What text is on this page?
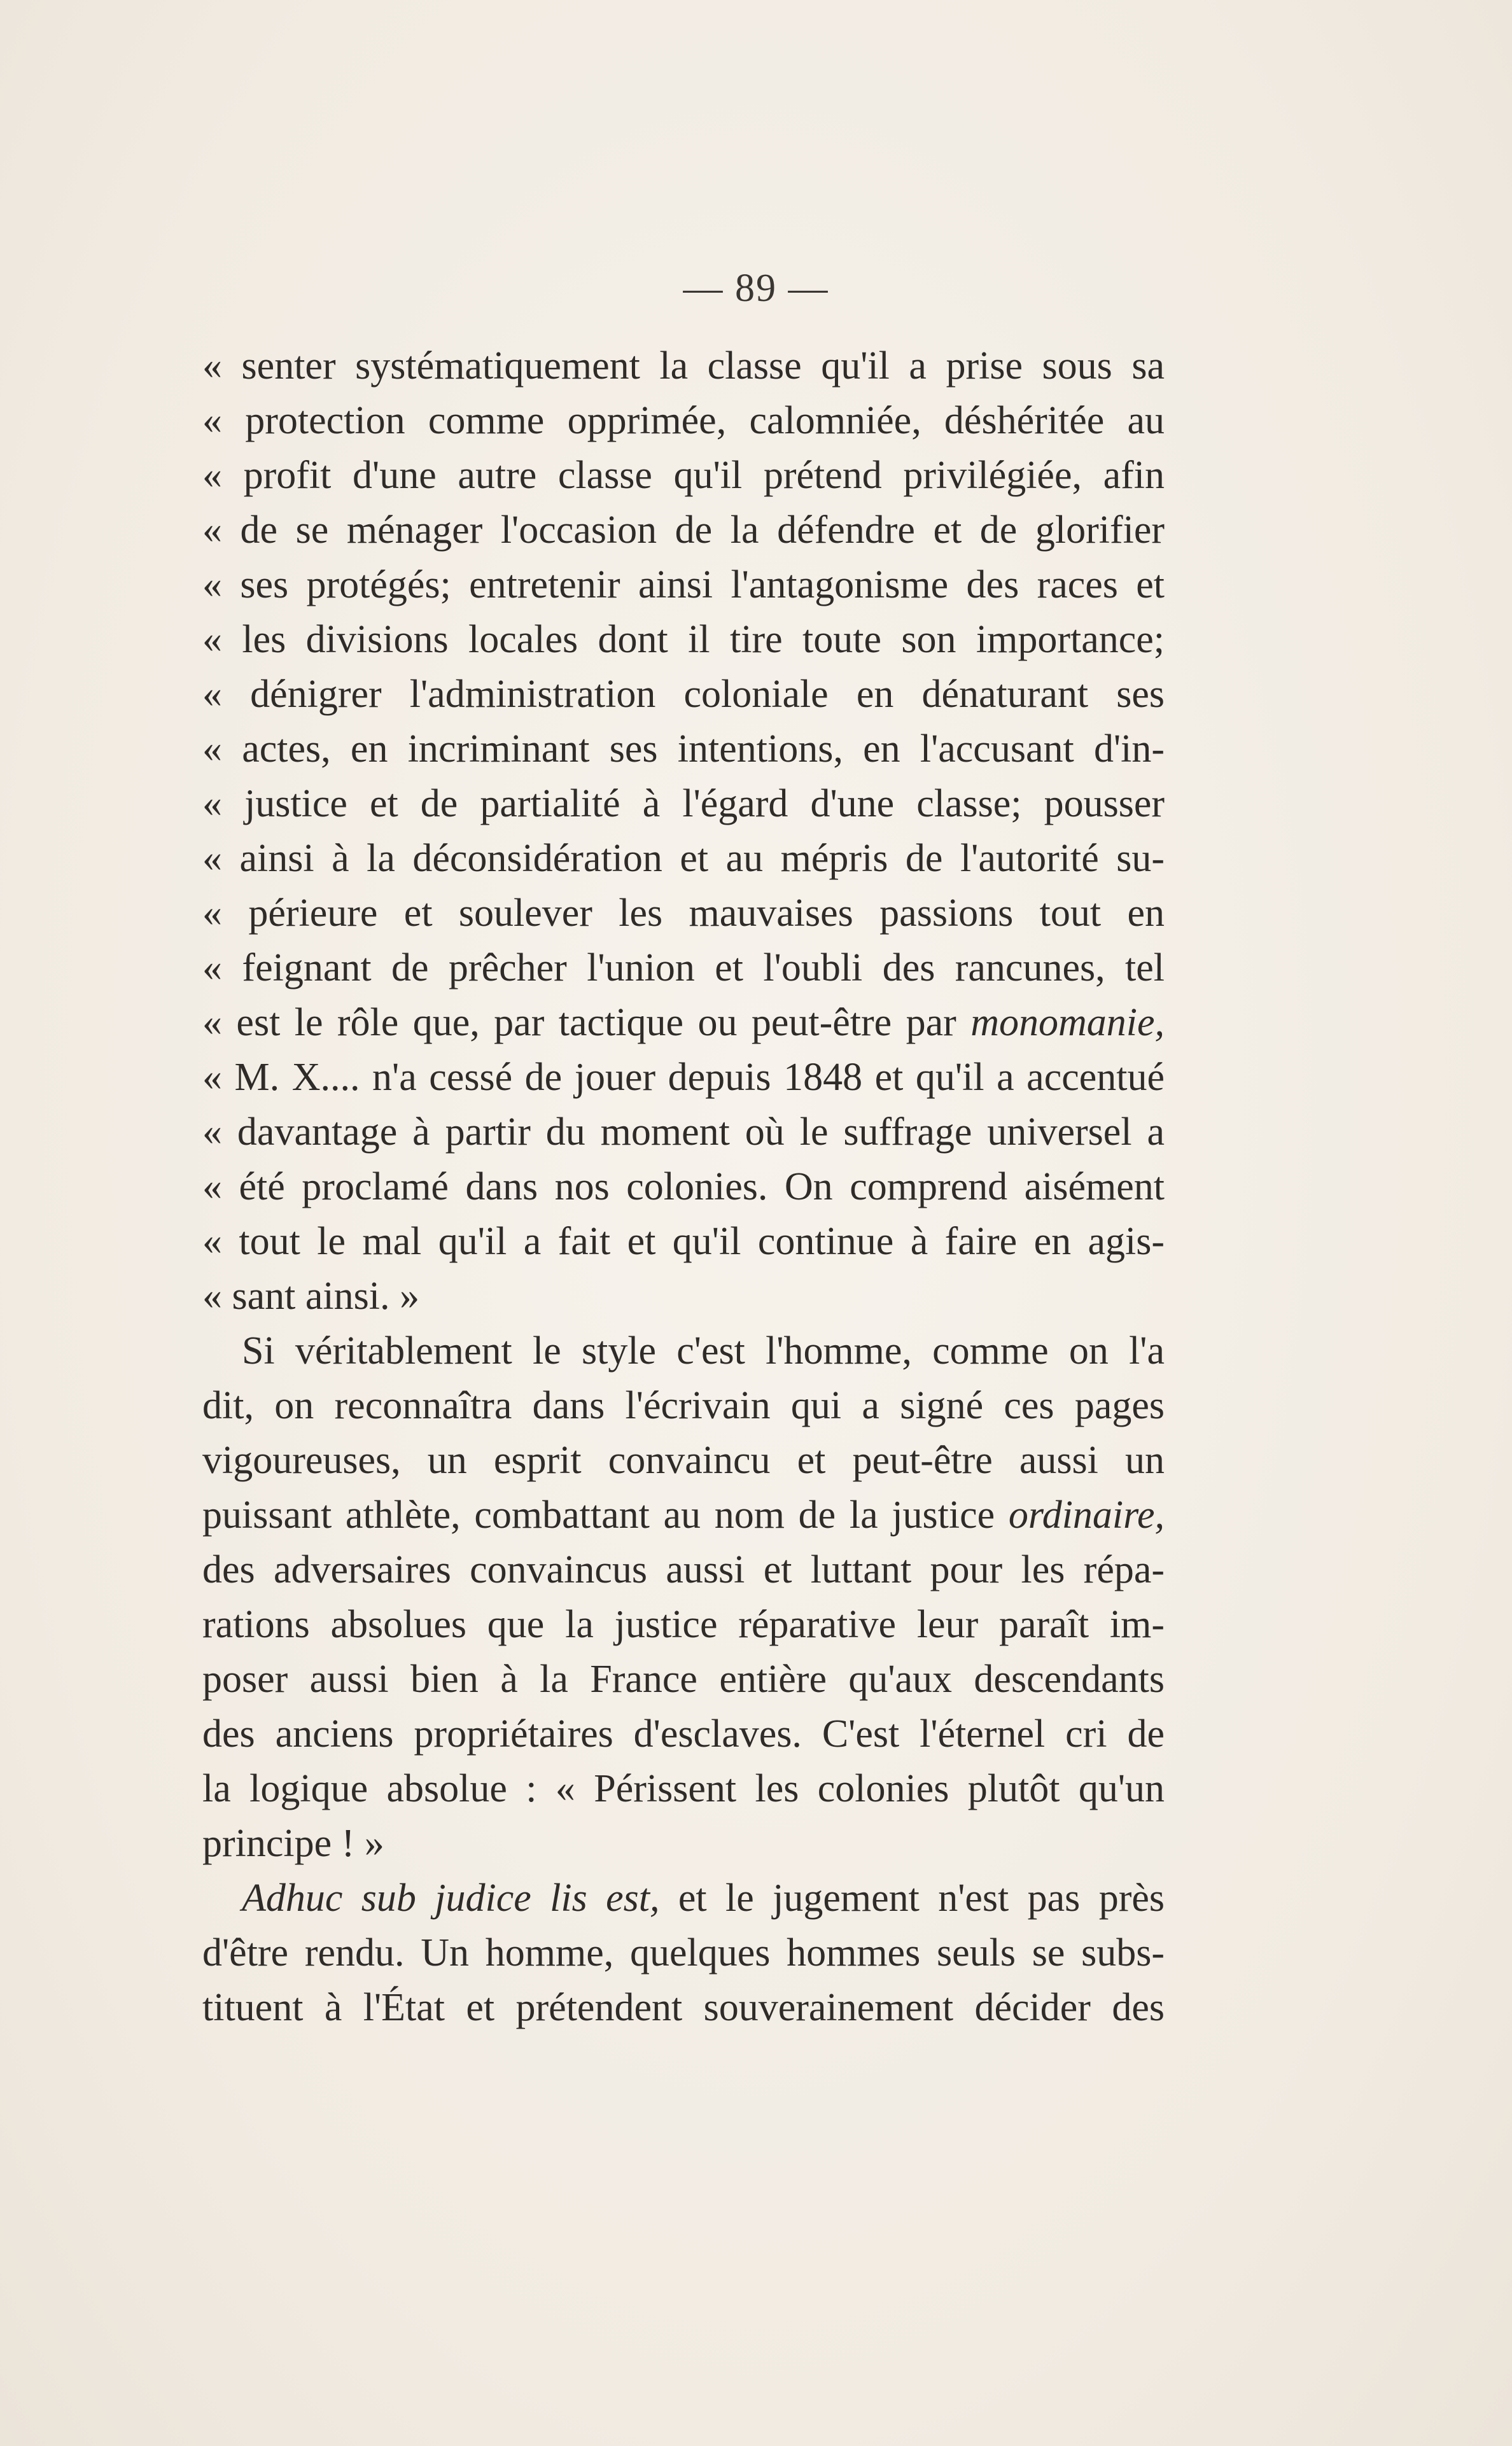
— 89 —
« senter systématiquement la classe qu'il a prise sous sa
« protection comme opprimée, calomniée, déshéritée au
« profit d'une autre classe qu'il prétend privilégiée, afin
« de se ménager l'occasion de la défendre et de glorifier
« ses protégés; entretenir ainsi l'antagonisme des races et
« les divisions locales dont il tire toute son importance;
« dénigrer l'administration coloniale en dénaturant ses
« actes, en incriminant ses intentions, en l'accusant d'in-
« justice et de partialité à l'égard d'une classe; pousser
« ainsi à la déconsidération et au mépris de l'autorité su-
« périeure et soulever les mauvaises passions tout en
« feignant de prêcher l'union et l'oubli des rancunes, tel
« est le rôle que, par tactique ou peut-être par monomanie,
« M. X.... n'a cessé de jouer depuis 1848 et qu'il a accentué
« davantage à partir du moment où le suffrage universel a
« été proclamé dans nos colonies. On comprend aisément
« tout le mal qu'il a fait et qu'il continue à faire en agis-
« sant ainsi. »
Si véritablement le style c'est l'homme, comme on l'a
dit, on reconnaîtra dans l'écrivain qui a signé ces pages
vigoureuses, un esprit convaincu et peut-être aussi un
puissant athlète, combattant au nom de la justice ordinaire,
des adversaires convaincus aussi et luttant pour les répa-
rations absolues que la justice réparative leur paraît im-
poser aussi bien à la France entière qu'aux descendants
des anciens propriétaires d'esclaves. C'est l'éternel cri de
la logique absolue : « Périssent les colonies plutôt qu'un
principe ! »
Adhuc sub judice lis est, et le jugement n'est pas près
d'être rendu. Un homme, quelques hommes seuls se subs-
tituent à l'État et prétendent souverainement décider des
